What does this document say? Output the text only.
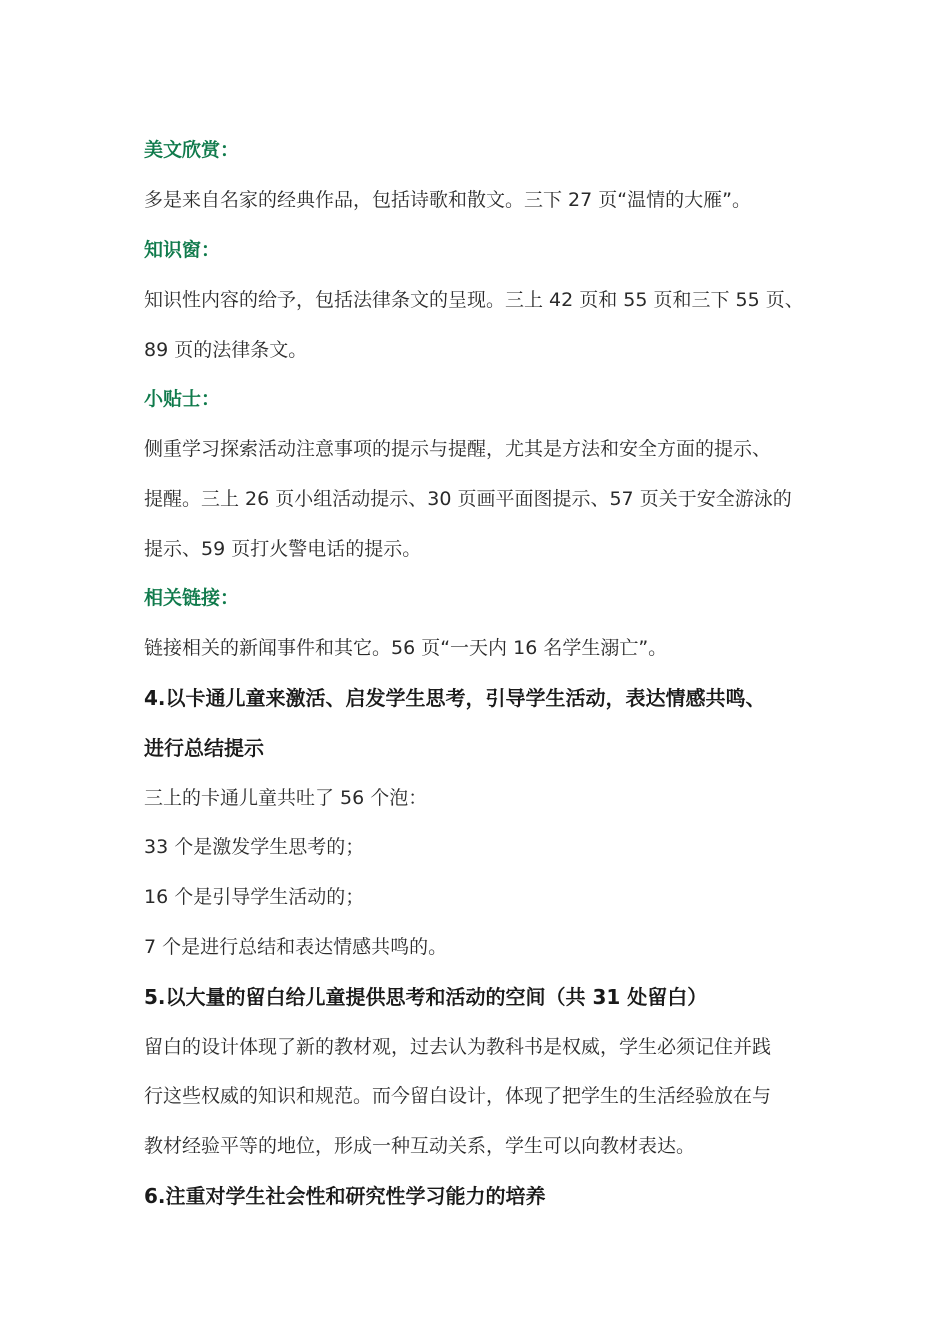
美文欣赏：
多是来自名家的经典作品，包括诗歌和散文。三下 27 页“温情的大雁”。
知识窗：
知识性内容的给予，包括法律条文的呈现。三上 42 页和 55 页和三下 55 页、
89 页的法律条文。
小贴士：
侧重学习探索活动注意事项的提示与提醒，尤其是方法和安全方面的提示、
提醒。三上 26 页小组活动提示、30 页画平面图提示、57 页关于安全游泳的
提示、59 页打火警电话的提示。
相关链接：
链接相关的新闻事件和其它。56 页“一天内 16 名学生溺亡”。
4.以卡通儿童来激活、启发学生思考，引导学生活动，表达情感共鸣、
进行总结提示
三上的卡通儿童共吐了 56 个泡：
33 个是激发学生思考的；
16 个是引导学生活动的；
7 个是进行总结和表达情感共鸣的。
5.以大量的留白给儿童提供思考和活动的空间（共 31 处留白）
留白的设计体现了新的教材观，过去认为教科书是权威，学生必须记住并践
行这些权威的知识和规范。而今留白设计，体现了把学生的生活经验放在与
教材经验平等的地位，形成一种互动关系，学生可以向教材表达。
6.注重对学生社会性和研究性学习能力的培养
